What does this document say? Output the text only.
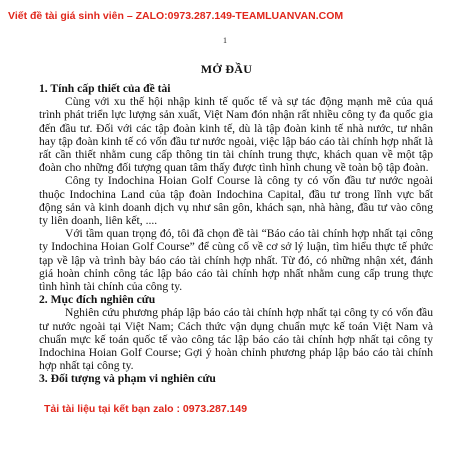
Viết đề tài giá sinh viên – ZALO:0973.287.149-TEAMLUANVAN.COM
1
MỞ ĐẦU

1. Tính cấp thiết của đề tài

Cùng với xu thế hội nhập kinh tế quốc tế và sự tác động mạnh mẽ của quá trình phát triển lực lượng sản xuất, Việt Nam đón nhận rất nhiều công ty đa quốc gia đến đầu tư. Đối với các tập đoàn kinh tế, dù là tập đoàn kinh tế nhà nước, tư nhân hay tập đoàn kinh tế có vốn đầu tư nước ngoài, việc lập báo cáo tài chính hợp nhất là rất cần thiết nhằm cung cấp thông tin tài chính trung thực, khách quan về một tập đoàn cho những đối tượng quan tâm thấy được tình hình chung về toàn bộ tập đoàn.

Công ty Indochina Hoian Golf Course là công ty có vốn đầu tư nước ngoài thuộc Indochina Land của tập đoàn Indochina Capital, đầu tư trong lĩnh vực bất động sản và kinh doanh dịch vụ như sân gôn, khách sạn, nhà hàng, đầu tư vào công ty liên doanh, liên kết, ....

Với tầm quan trọng đó, tôi đã chọn đề tài “Báo cáo tài chính hợp nhất tại công ty Indochina Hoian Golf Course” để cùng cố về cơ sở lý luận, tìm hiểu thực tế phức tạp về lập và trình bày báo cáo tài chính hợp nhất. Từ đó, có những nhận xét, đánh giá hoàn chỉnh công tác lập báo cáo tài chính hợp nhất nhằm cung cấp trung thực tình hình tài chính của công ty.

2. Mục đích nghiên cứu

Nghiên cứu phương pháp lập báo cáo tài chính hợp nhất tại công ty có vốn đầu tư nước ngoài tại Việt Nam; Cách thức vận dụng chuẩn mực kế toán Việt Nam và chuẩn mực kế toán quốc tế vào công tác lập báo cáo tài chính hợp nhất tại công ty Indochina Hoian Golf Course; Gợi ý hoàn chỉnh phương pháp lập báo cáo tài chính hợp nhất tại công ty.

3. Đối tượng và phạm vi nghiên cứu

Tải tài liệu tại kết bạn zalo : 0973.287.149
